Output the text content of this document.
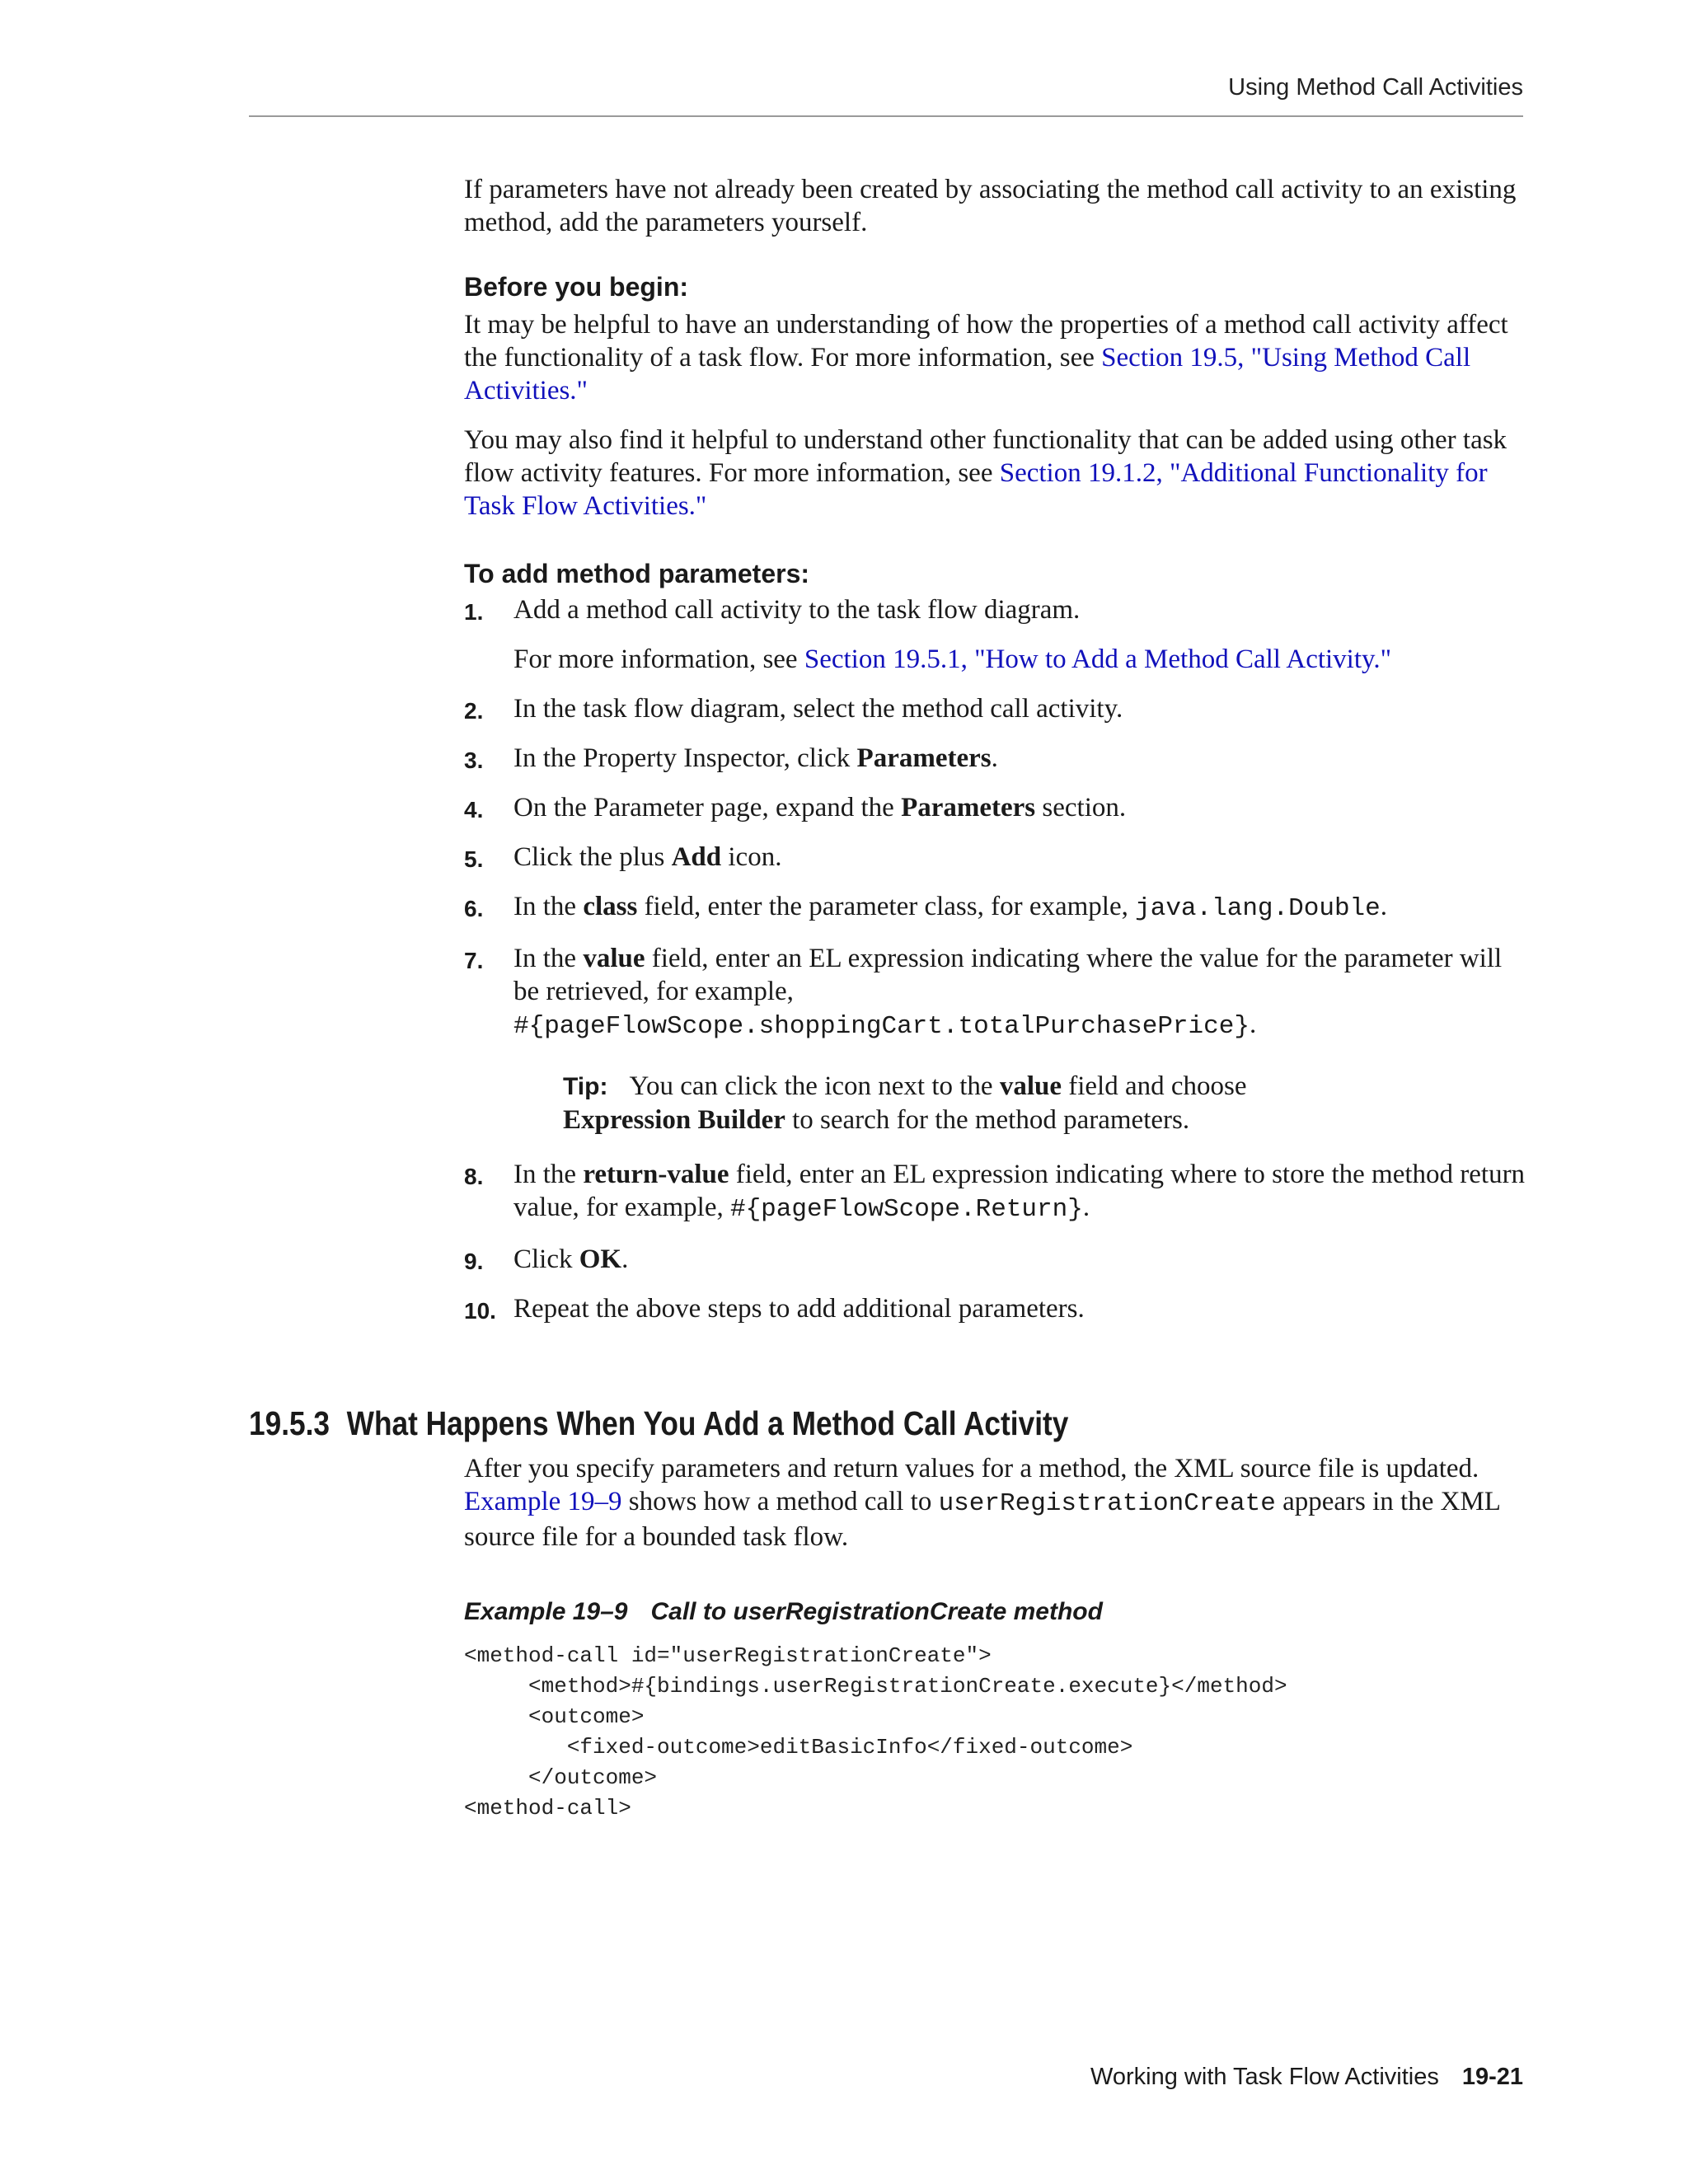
Using Method Call Activities

If parameters have not already been created by associating the method call activity to an existing method, add the parameters yourself.

Before you begin:

It may be helpful to have an understanding of how the properties of a method call activity affect the functionality of a task flow. For more information, see Section 19.5, "Using Method Call Activities."

You may also find it helpful to understand other functionality that can be added using other task flow activity features. For more information, see Section 19.1.2, "Additional Functionality for Task Flow Activities."

To add method parameters:

1. Add a method call activity to the task flow diagram.

For more information, see Section 19.5.1, "How to Add a Method Call Activity."

2. In the task flow diagram, select the method call activity.
3. In the Property Inspector, click Parameters.
4. On the Parameter page, expand the Parameters section.
5. Click the plus Add icon.
6. In the class field, enter the parameter class, for example, java.lang.Double.
7. In the value field, enter an EL expression indicating where the value for the parameter will be retrieved, for example,
#{pageFlowScope.shoppingCart.totalPurchasePrice}.
Tip: You can click the icon next to the value field and choose
Expression Builder to search for the method parameters.
8. In the return-value field, enter an EL expression indicating where to store the method return value, for example, #{pageFlowScope.Return}.
9. Click OK.
10. Repeat the above steps to add additional parameters.
19.5.3 What Happens When You Add a Method Call Activity

After you specify parameters and return values for a method, the XML source file is updated. Example 19–9 shows how a method call to userRegistrationCreate appears in the XML source file for a bounded task flow.

Example 19–9 Call to userRegistrationCreate method

<method-call id="userRegistrationCreate">
<method>#{bindings.userRegistrationCreate.execute}</method>
<outcome>
<fixed-outcome>editBasicInfo</fixed-outcome>
</outcome>
<method-call>
Working with Task Flow Activities 19-21
